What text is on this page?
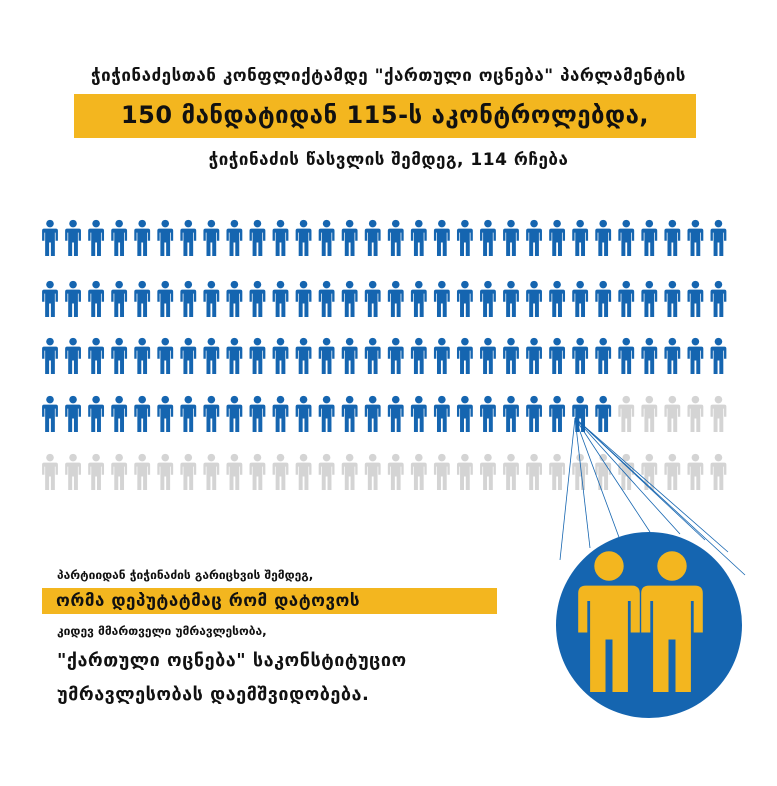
ჭიჭინაძესთან კონფლიქტამდე "ქართული ოცნება" პარლამენტის
150 მანდატიდან 115-ს აკონტროლებდა,
ჭიჭინაძის წასვლის შემდეგ, 114 რჩება
პარტიიდან ჭიჭინაძის გარიცხვის შემდეგ,
ორმა დეპუტატმაც რომ დატოვოს
კიდევ მმართველი უმრავლესობა,
"ქართული ოცნება" საკონსტიტუციო
უმრავლესობას დაემშვიდობება.
